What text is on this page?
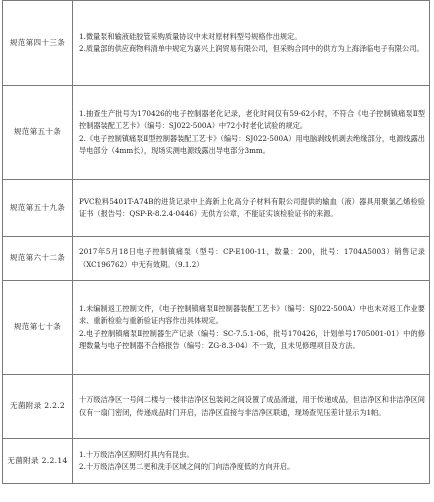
规范第四十三条	1.微量泵和输液硅胶管采购质量协议中未对原材料型号规格作出规定。

2.质量部的供应商物料清单中规定为嘉兴上润贸易有限公司，但采购合同中的供方为上海泽临电子有限公司。

规范第五十条	1.抽查生产批号为170426的电子控制器老化记录，老化时间仅有59-62小时，不符合《电子控制镇痛泵Ⅱ型控制器装配工艺卡》（编号：SJ022-500A）中72小时老化试验的规定。

2.《电子控制镇痛泵Ⅱ型控制器装配工艺卡》（编号：SJ022-500A）用电脑剥线机剥去绝缘部分，电源线露出导电部分（4mm长），现场实测电源线露出导电部分3mm。

规范第五十九条	PVC粒料5401T-A74B的进货记录中上海新上化高分子材料有限公司提供的输血（液）器具用聚氯乙烯检验证书（报告号：QSP-R-8.2.4-0446）无供方公章，不能证实该检验证书的来源。

规范第六十二条	2017年5月18日电子控制镇痛泵（型号：CP-E100-11，数量：200，批号：1704A5003）销售记录（XC196762）中无有效期。（9.1.2）

规范第七十条	1.未编制返工控制文件，《电子控制镇痛泵Ⅱ控制器装配工艺卡》（编号：SJ022-500A）中也未对返工作业要求、重新检验与重新验证内容作出具体规定。

2.电子控制镇痛泵Ⅱ控制器生产记录（编号：SC-7.5.1-06，批号170426，计划单号1705001-01）中的修理数量与电子控制器不合格报告（编号：ZG-8.3-04）不一致，且未见修理项目及方法。

无菌附录 2.2.2	十万级洁净区一号间二楼与一楼非洁净区包装间之间设置了成品滑道，用于传递成品，但洁净区和非洁净区间仅有一扇门密闭，传递成品时门开启，洁净区直接与非洁净区联通，现场查见压差计显示为1帕。

无菌附录 2.2.14	1.十万级洁净区照明灯具内有昆虫。

2.十万级洁净区男二更和洗手区域之间的门向洁净度低的方向开启。
